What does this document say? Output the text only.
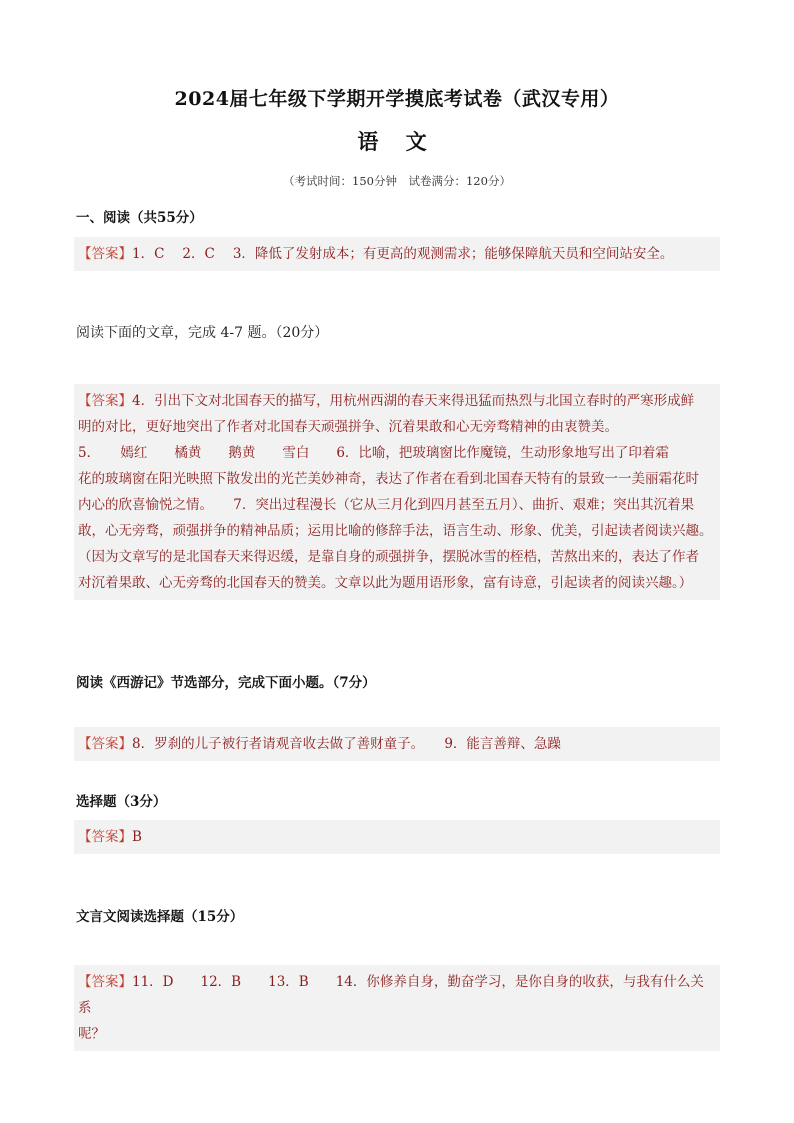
2024届七年级下学期开学摸底考试卷（武汉专用）
语 文
（考试时间：150分钟　试卷满分：120分）
一、阅读（共55分）
【答案】1．C 2．C 3．降低了发射成本；有更高的观测需求；能够保障航天员和空间站安全。
阅读下面的文章，完成 4-7 题。（20分）
【答案】4．引出下文对北国春天的描写，用杭州西湖的春天来得迅猛而热烈与北国立春时的严寒形成鲜
明的对比，更好地突出了作者对北国春天顽强拼争、沉着果敢和心无旁骛精神的由衷赞美。
5．　　嫣红　　橘黄　　鹅黄　　雪白　　6．比喻，把玻璃窗比作魔镜，生动形象地写出了印着霜
花的玻璃窗在阳光映照下散发出的光芒美妙神奇，表达了作者在看到北国春天特有的景致一一美丽霜花时
内心的欣喜愉悦之情。　　7．突出过程漫长（它从三月化到四月甚至五月）、曲折、艰难；突出其沉着果
敢，心无旁骛，顽强拼争的精神品质；运用比喻的修辞手法，语言生动、形象、优美，引起读者阅读兴趣。
（因为文章写的是北国春天来得迟缓，是靠自身的顽强拼争，摆脱冰雪的桎梏，苦熬出来的，表达了作者
对沉着果敢、心无旁骛的北国春天的赞美。文章以此为题用语形象，富有诗意，引起读者的阅读兴趣。）
阅读《西游记》节选部分，完成下面小题。（7分）
【答案】8．罗刹的儿子被行者请观音收去做了善财童子。　　9．能言善辩、急躁
选择题（3分）
【答案】B
文言文阅读选择题（15分）
【答案】11．D　　12．B　　13．B　　14．你修养自身，勤奋学习，是你自身的收获，与我有什么关系
呢？
